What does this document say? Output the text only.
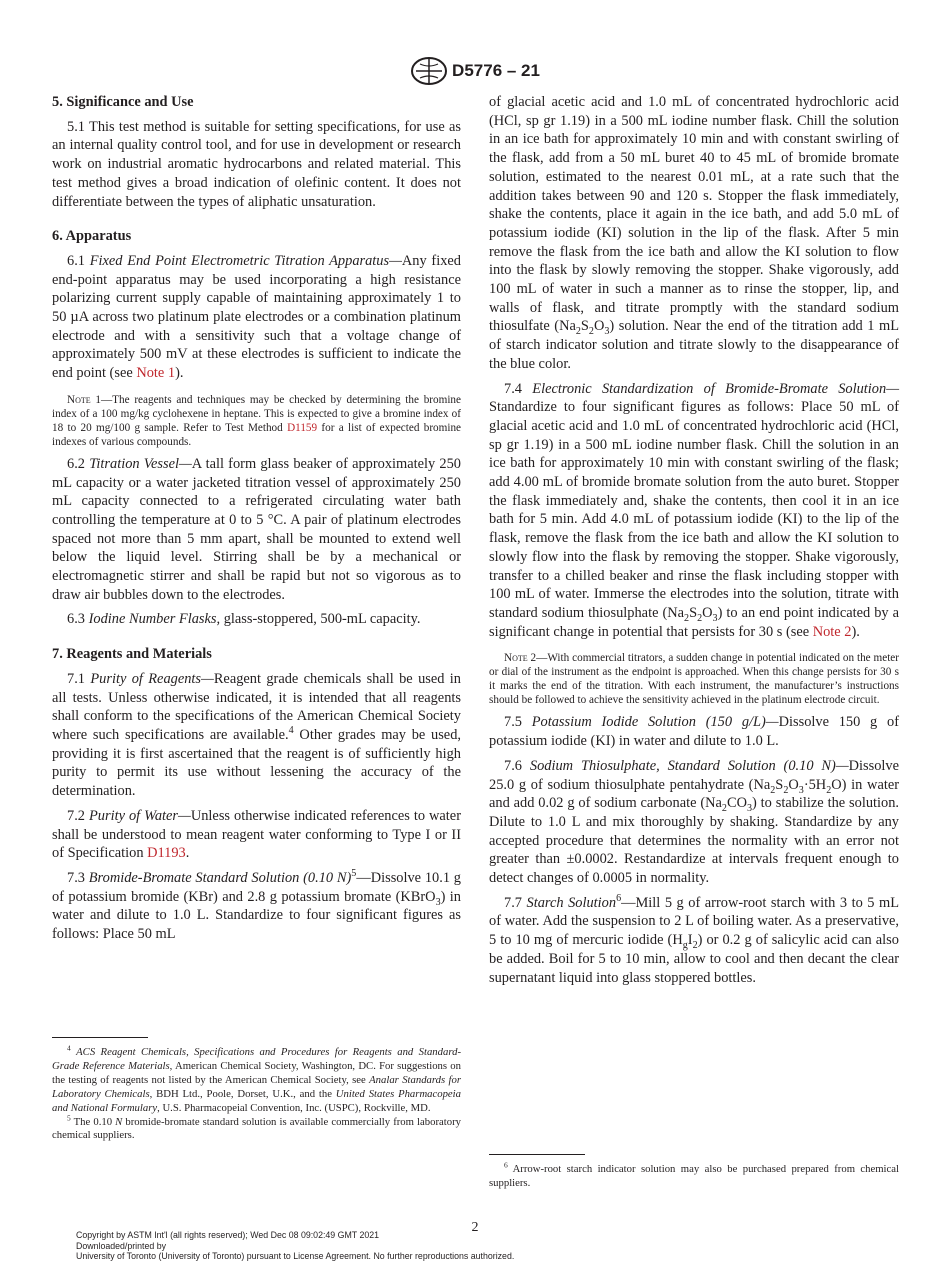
D5776 – 21
5. Significance and Use

5.1 This test method is suitable for setting specifications, for use as an internal quality control tool, and for use in development or research work on industrial aromatic hydrocarbons and related material. This test method gives a broad indication of olefinic content. It does not differentiate between the types of aliphatic unsaturation.

6. Apparatus

6.1 Fixed End Point Electrometric Titration Apparatus—Any fixed end-point apparatus may be used incorporating a high resistance polarizing current supply capable of maintaining approximately 1 to 50 µA across two platinum plate electrodes or a combination platinum electrode and with a sensitivity such that a voltage change of approximately 500 mV at these electrodes is sufficient to indicate the end point (see Note 1).

Note 1—The reagents and techniques may be checked by determining the bromine index of a 100 mg/kg cyclohexene in heptane. This is expected to give a bromine index of 18 to 20 mg/100 g sample. Refer to Test Method D1159 for a list of expected bromine indexes of various compounds.

6.2 Titration Vessel—A tall form glass beaker of approximately 250 mL capacity or a water jacketed titration vessel of approximately 250 mL capacity connected to a refrigerated circulating water bath controlling the temperature at 0 to 5 °C. A pair of platinum electrodes spaced not more than 5 mm apart, shall be mounted to extend well below the liquid level. Stirring shall be by a mechanical or electromagnetic stirrer and shall be rapid but not so vigorous as to draw air bubbles down to the electrodes.

6.3 Iodine Number Flasks, glass-stoppered, 500-mL capacity.

7. Reagents and Materials

7.1 Purity of Reagents—Reagent grade chemicals shall be used in all tests. Unless otherwise indicated, it is intended that all reagents shall conform to the specifications of the American Chemical Society where such specifications are available.$^4$ Other grades may be used, providing it is first ascertained that the reagent is of sufficiently high purity to permit its use without lessening the accuracy of the determination.

7.2 Purity of Water—Unless otherwise indicated references to water shall be understood to mean reagent water conforming to Type I or II of Specification D1193.

7.3 Bromide-Bromate Standard Solution (0.10 N)$^5$—Dissolve 10.1 g of potassium bromide (KBr) and 2.8 g potassium bromate (KBrO$_3$) in water and dilute to 1.0 L. Standardize to four significant figures as follows: Place 50 mL

$^4$ ACS Reagent Chemicals, Specifications and Procedures for Reagents and Standard-Grade Reference Materials, American Chemical Society, Washington, DC. For suggestions on the testing of reagents not listed by the American Chemical Society, see Analar Standards for Laboratory Chemicals, BDH Ltd., Poole, Dorset, U.K., and the United States Pharmacopeia and National Formulary, U.S. Pharmacopeial Convention, Inc. (USPC), Rockville, MD.

$^5$ The 0.10 N bromide-bromate standard solution is available commercially from laboratory chemical suppliers.

of glacial acetic acid and 1.0 mL of concentrated hydrochloric acid (HCl, sp gr 1.19) in a 500 mL iodine number flask. Chill the solution in an ice bath for approximately 10 min and with constant swirling of the flask, add from a 50 mL buret 40 to 45 mL of bromide bromate solution, estimated to the nearest 0.01 mL, at a rate such that the addition takes between 90 and 120 s. Stopper the flask immediately, shake the contents, place it again in the ice bath, and add 5.0 mL of potassium iodide (KI) solution in the lip of the flask. After 5 min remove the flask from the ice bath and allow the KI solution to flow into the flask by slowly removing the stopper. Shake vigorously, add 100 mL of water in such a manner as to rinse the stopper, lip, and walls of flask, and titrate promptly with the standard sodium thiosulfate $(Na_2S_2O_3)$ solution. Near the end of the titration add 1 mL of starch indicator solution and titrate slowly to the disappearance of the blue color.

7.4 Electronic Standardization of Bromide-Bromate Solution—Standardize to four significant figures as follows: Place 50 mL of glacial acetic acid and 1.0 mL of concentrated hydrochloric acid (HCl, sp gr 1.19) in a 500 mL iodine number flask. Chill the solution in an ice bath for approximately 10 min with constant swirling of the flask; add 4.00 mL of bromide bromate solution from the auto buret. Stopper the flask immediately and, shake the contents, then cool it in an ice bath for 5 min. Add 4.0 mL of potassium iodide (KI) to the lip of the flask, remove the flask from the ice bath and allow the KI solution to slowly flow into the flask by removing the stopper. Shake vigorously, transfer to a chilled beaker and rinse the flask including stopper with 100 mL of water. Immerse the electrodes into the solution, titrate with standard sodium thiosulphate $(Na_2S_2O_3)$ to an end point indicated by a significant change in potential that persists for 30 s (see Note 2).

Note 2—With commercial titrators, a sudden change in potential indicated on the meter or dial of the instrument as the endpoint is approached. When this change persists for 30 s it marks the end of the titration. With each instrument, the manufacturer’s instructions should be followed to achieve the sensitivity achieved in the platinum electrode circuit.

7.5 Potassium Iodide Solution (150 g/L)—Dissolve 150 g of potassium iodide (KI) in water and dilute to 1.0 L.

7.6 Sodium Thiosulphate, Standard Solution (0.10 N)—Dissolve 25.0 g of sodium thiosulphate pentahydrate $(Na_2S_2O_3\cdot 5H_2O)$ in water and add 0.02 g of sodium carbonate $(Na_2CO_3)$ to stabilize the solution. Dilute to 1.0 L and mix thoroughly by shaking. Standardize by any accepted procedure that determines the normality with an error not greater than ±0.0002. Restandardize at intervals frequent enough to detect changes of 0.0005 in normality.

7.7 Starch Solution$^6$—Mill 5 g of arrow-root starch with 3 to 5 mL of water. Add the suspension to 2 L of boiling water. As a preservative, 5 to 10 mg of mercuric iodide $(H_gI_2)$ or 0.2 g of salicylic acid can also be added. Boil for 5 to 10 min, allow to cool and then decant the clear supernatant liquid into glass stoppered bottles.

$^6$ Arrow-root starch indicator solution may also be purchased prepared from chemical suppliers.

2
Copyright by ASTM Int'l (all rights reserved); Wed Dec 08 09:02:49 GMT 2021
Downloaded/printed by
University of Toronto (University of Toronto) pursuant to License Agreement. No further reproductions authorized.
